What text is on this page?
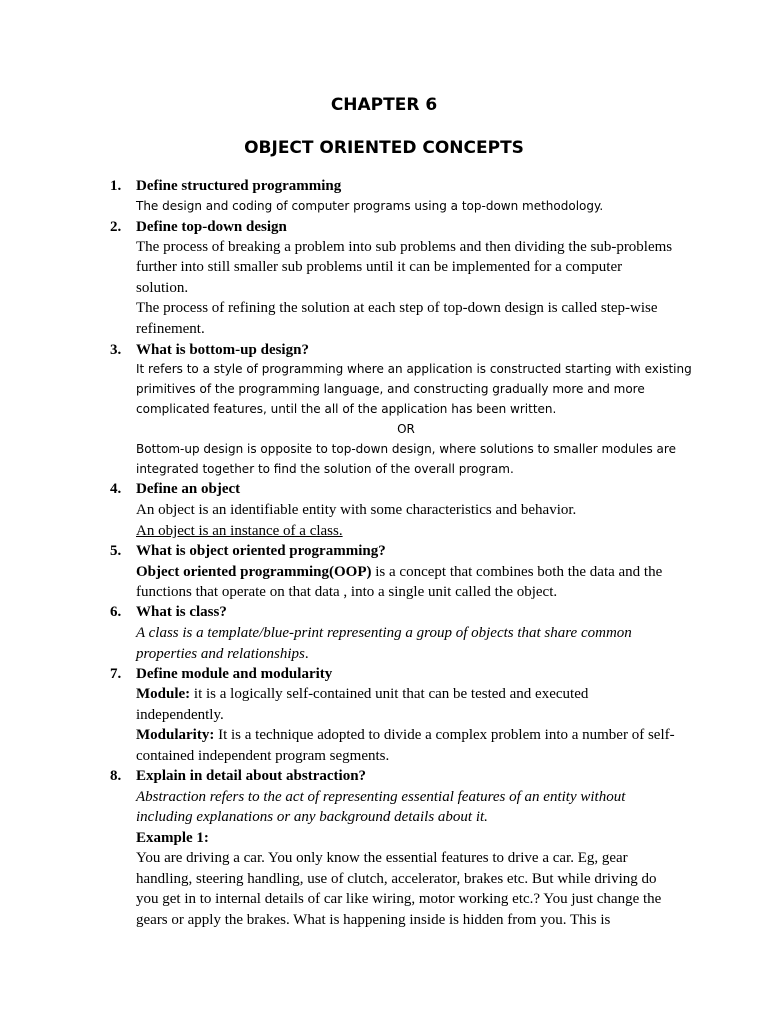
CHAPTER 6
OBJECT ORIENTED CONCEPTS
1. Define structured programming
The design and coding of computer programs using a top-down methodology.
2. Define top-down design
The process of breaking a problem into sub problems and then dividing the sub-problems
further into still smaller sub problems until it can be implemented for a computer
solution.
The process of refining the solution at each step of top-down design is called step-wise
refinement.
3. What is bottom-up design?
It refers to a style of programming where an application is constructed starting with existing
primitives of the programming language, and constructing gradually more and more
complicated features, until the all of the application has been written.
OR
Bottom-up design is opposite to top-down design, where solutions to smaller modules are
integrated together to find the solution of the overall program.
4. Define an object
An object is an identifiable entity with some characteristics and behavior.
An object is an instance of a class.
5. What is object oriented programming?
Object oriented programming(OOP) is a concept that combines both the data and the
functions that operate on that data , into a single unit called the object.
6. What is class?
A class is a template/blue-print representing a group of objects that share common
properties and relationships.
7. Define module and modularity
Module: it is a logically self-contained unit that can be tested and executed
independently.
Modularity: It is a technique adopted to divide a complex problem into a number of self-
contained independent program segments.
8. Explain in detail about abstraction?
Abstraction refers to the act of representing essential features of an entity without
including explanations or any background details about it.
Example 1:
You are driving a car. You only know the essential features to drive a car. Eg, gear
handling, steering handling, use of clutch, accelerator, brakes etc. But while driving do
you get in to internal details of car like wiring, motor working etc.? You just change the
gears or apply the brakes. What is happening inside is hidden from you. This is
